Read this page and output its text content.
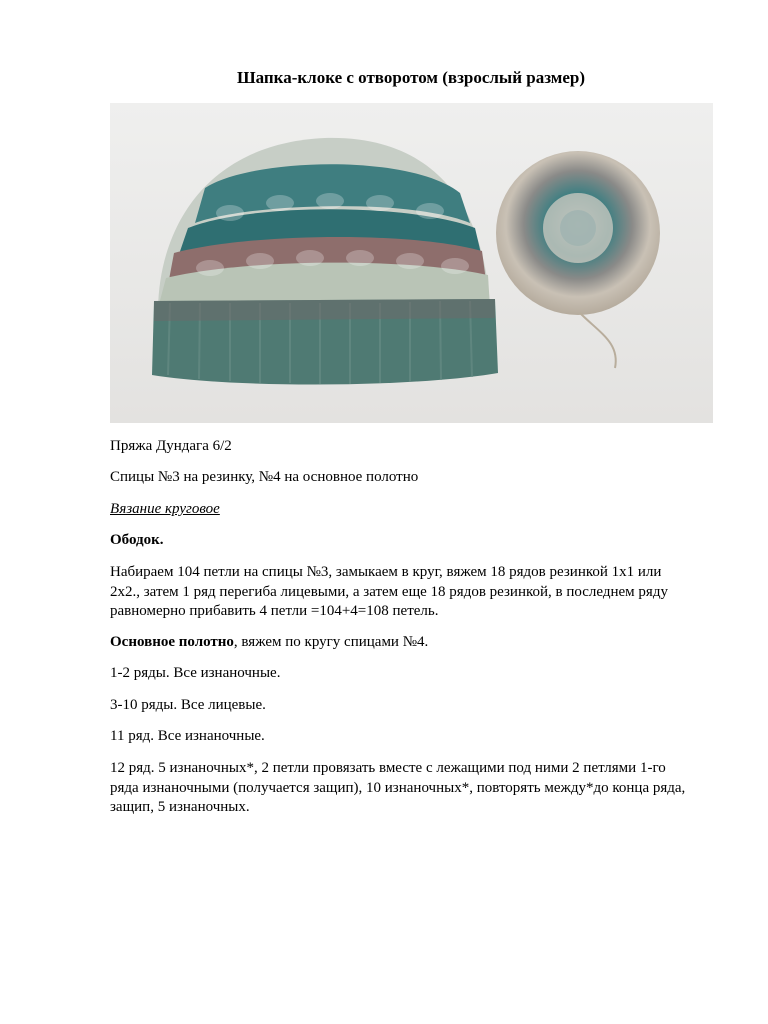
Шапка-клоке с отворотом (взрослый размер)

Пряжа Дундага 6/2

Спицы №3 на резинку, №4 на основное полотно

Вязание круговое

Ободок.

Набираем 104 петли на спицы №3, замыкаем в круг, вяжем 18 рядов резинкой 1х1 или
2х2., затем 1 ряд перегиба лицевыми, а затем еще 18 рядов резинкой, в последнем ряду
равномерно прибавить 4 петли =104+4=108 петель.

Основное полотно, вяжем по кругу спицами №4.

1-2 ряды. Все изнаночные.

3-10 ряды. Все лицевые.

11 ряд. Все изнаночные.

12 ряд. 5 изнаночных*, 2 петли провязать вместе с лежащими под ними 2 петлями 1-го
ряда изнаночными (получается защип), 10 изнаночных*, повторять между*до конца ряда,
защип, 5 изнаночных.
